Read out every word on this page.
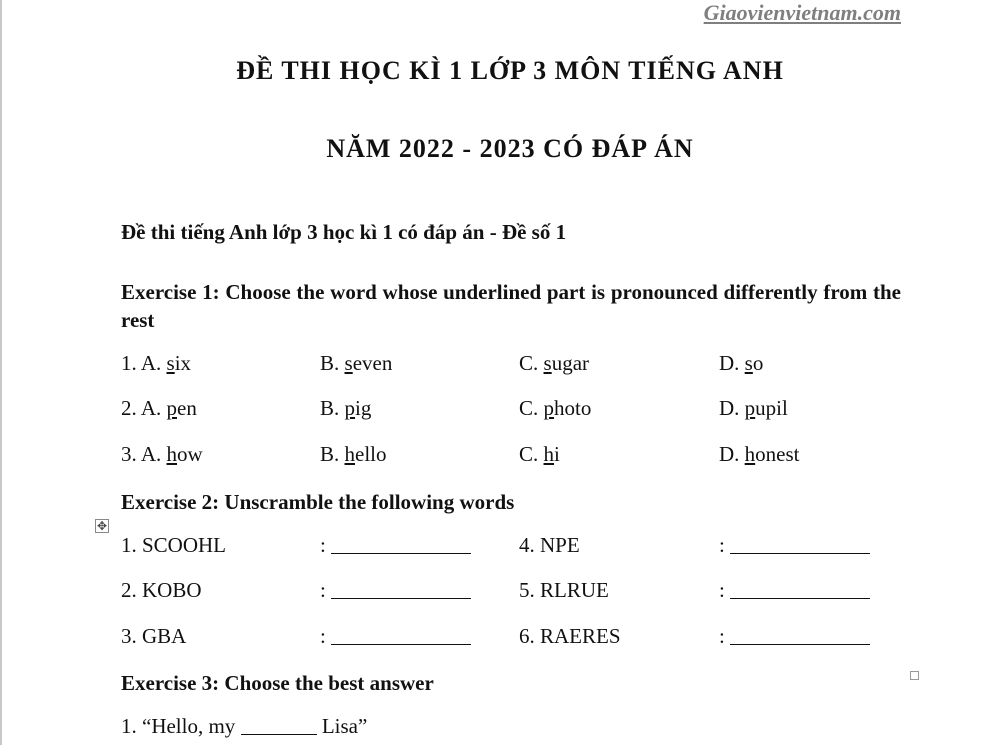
Giaovienvietnam.com
ĐỀ THI HỌC KÌ 1 LỚP 3 MÔN TIẾNG ANH
NĂM 2022 - 2023 CÓ ĐÁP ÁN
Đề thi tiếng Anh lớp 3 học kì 1 có đáp án - Đề số 1
Exercise 1: Choose the word whose underlined part is pronounced differently from the rest
1. A. six	B. seven	C. sugar	D. so
2. A. pen	B. pig	C. photo	D. pupil
3. A. how	B. hello	C. hi	D. honest
Exercise 2: Unscramble the following words
✥
1. SCOOHL	:	4. NPE	:
2. KOBO	:	5. RLRUE	:
3. GBA	:	6. RAERES	:
Exercise 3: Choose the best answer
1. “Hello, my	Lisa”
